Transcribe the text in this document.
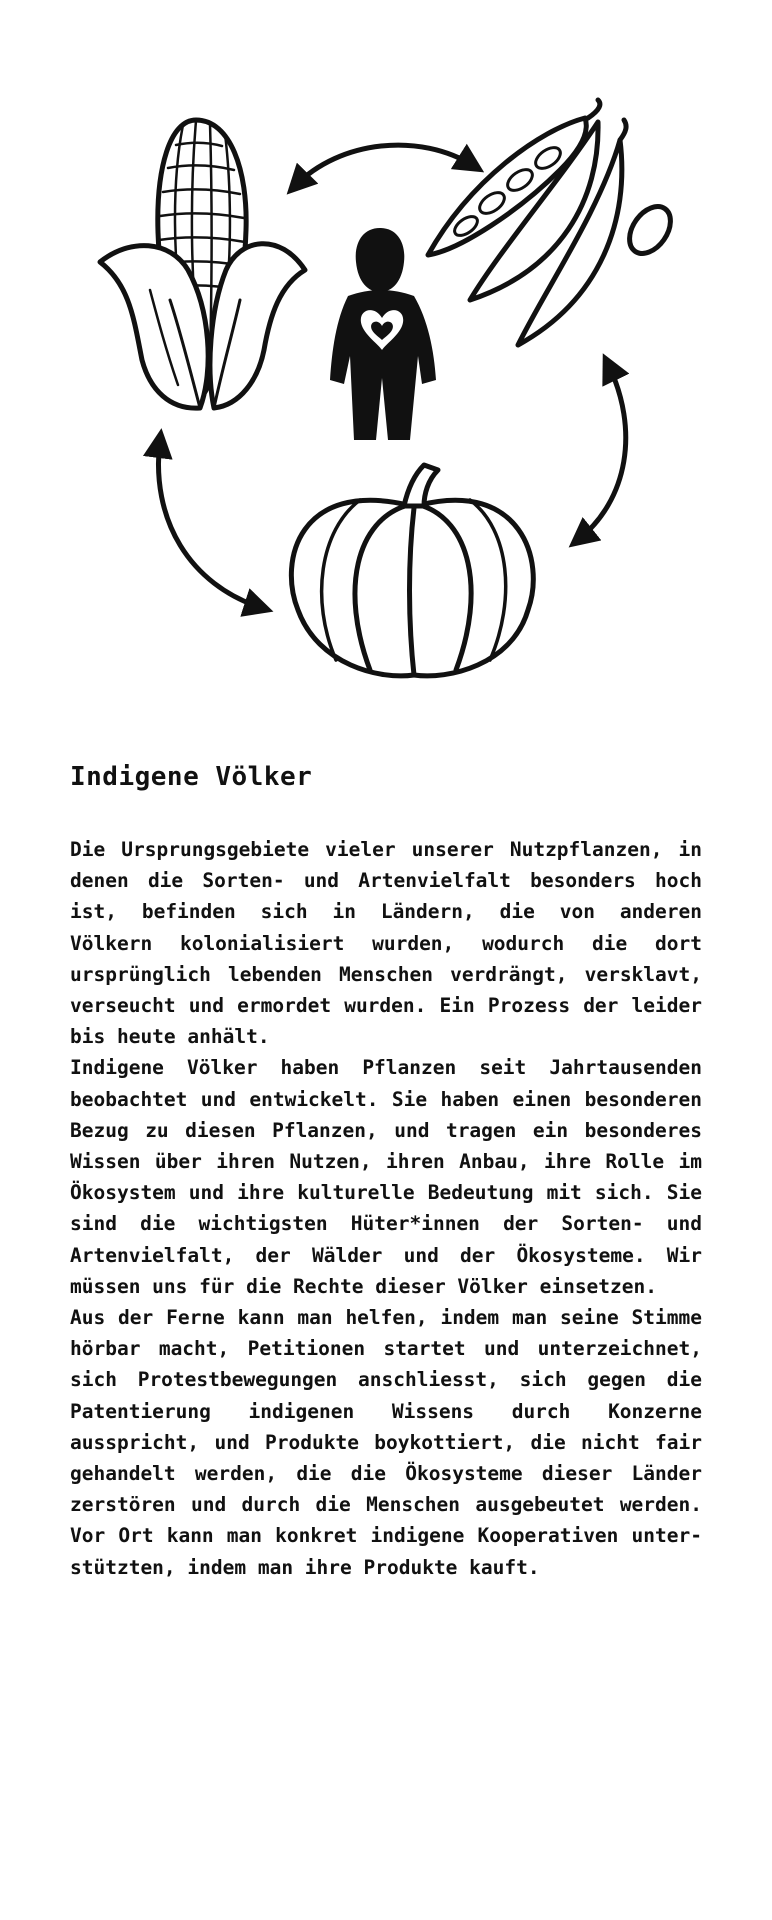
Indigene Völker

Die Ursprungsgebiete vieler unserer Nutzpflanzen, in denen die Sorten- und Artenvielfalt besonders hoch ist, befinden sich in Ländern, die von anderen Völkern kolonialisiert wurden, wodurch die dort ursprünglich lebenden Menschen verdrängt, versklavt, verseucht und ermordet wurden. Ein Prozess der leider bis heute anhält.

Indigene Völker haben Pflanzen seit Jahrtausenden beobachtet und entwickelt. Sie haben einen besonderen Bezug zu diesen Pflanzen, und tragen ein besonderes Wissen über ihren Nutzen, ihren Anbau, ihre Rolle im Ökosystem und ihre kulturelle Bedeutung mit sich. Sie sind die wichtigsten Hüter*innen der Sorten- und Artenvielfalt, der Wälder und der Ökosysteme. Wir müssen uns für die Rechte dieser Völker einsetzen.

Aus der Ferne kann man helfen, indem man seine Stimme hörbar macht, Petitionen startet und unterzeichnet, sich Protestbewegungen anschliesst, sich gegen die Patentierung indigenen Wissens durch Konzerne ausspricht, und Produkte boykottiert, die nicht fair gehandelt werden, die die Ökosysteme dieser Länder zerstören und durch die Menschen ausgebeutet werden. Vor Ort kann man konkret indigene Kooperativen unterstützten, indem man ihre Produkte kauft.
